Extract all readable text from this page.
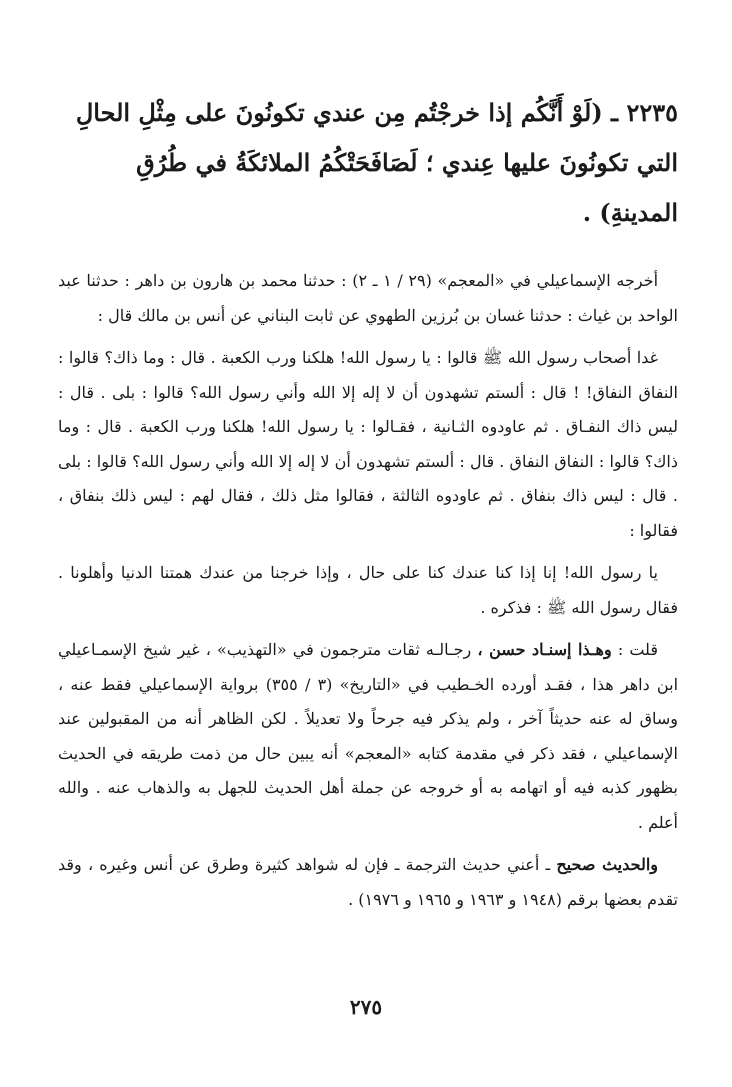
٢٢٣٥ ـ (لَوْ أَنَّكُم إذا خرجْتُم مِن عندي تكونُونَ على مِثْلِ الحالِ التي تكونُونَ عليها عِندي ؛ لَصَافَحَتْكُمُ الملائكَةُ في طُرُقِ المدينةِ) .

أخرجه الإسماعيلي في «المعجم» (٢٩ / ١ ـ ٢) : حدثنا محمد بن هارون بن داهر : حدثنا عبد الواحد بن غياث : حدثنا غسان بن بُرزين الطهوي عن ثابت البناني عن أنس بن مالك قال :

غدا أصحاب رسول الله ﷺ قالوا : يا رسول الله! هلكنا ورب الكعبة . قال : وما ذاك؟ قالوا : النفاق النفاق! ! قال : ألستم تشهدون أن لا إله إلا الله وأني رسول الله؟ قالوا : بلى . قال : ليس ذاك النفـاق . ثم عاودوه الثـانية ، فقـالوا : يا رسول الله! هلكنا ورب الكعبة . قال : وما ذاك؟ قالوا : النفاق النفاق . قال : ألستم تشهدون أن لا إله إلا الله وأني رسول الله؟ قالوا : بلى . قال : ليس ذاك بنفاق . ثم عاودوه الثالثة ، فقالوا مثل ذلك ، فقال لهم : ليس ذلك بنفاق ، فقالوا :

يا رسول الله! إنا إذا كنا عندك كنا على حال ، وإذا خرجنا من عندك همتنا الدنيا وأهلونا . فقال رسول الله ﷺ : فذكره .

قلت : وهـذا إسنـاد حسن ، رجـالـه ثقات مترجمون في «التهذيب» ، غير شيخ الإسمـاعيلي ابن داهر هذا ، فقـد أورده الخـطيب في «التاريخ» (٣ / ٣٥٥) برواية الإسماعيلي فقط عنه ، وساق له عنه حديثاً آخر ، ولم يذكر فيه جرحاً ولا تعديلاً . لكن الظاهر أنه من المقبولين عند الإسماعيلي ، فقد ذكر في مقدمة كتابه «المعجم» أنه يبين حال من ذمت طريقه في الحديث بظهور كذبه فيه أو اتهامه به أو خروجه عن جملة أهل الحديث للجهل به والذهاب عنه . والله أعلم .

والحديث صحيح ـ أعني حديث الترجمة ـ فإن له شواهد كثيرة وطرق عن أنس وغيره ، وقد تقدم بعضها برقم (١٩٤٨ و ١٩٦٣ و ١٩٦٥ و ١٩٧٦) .

٢٧٥
